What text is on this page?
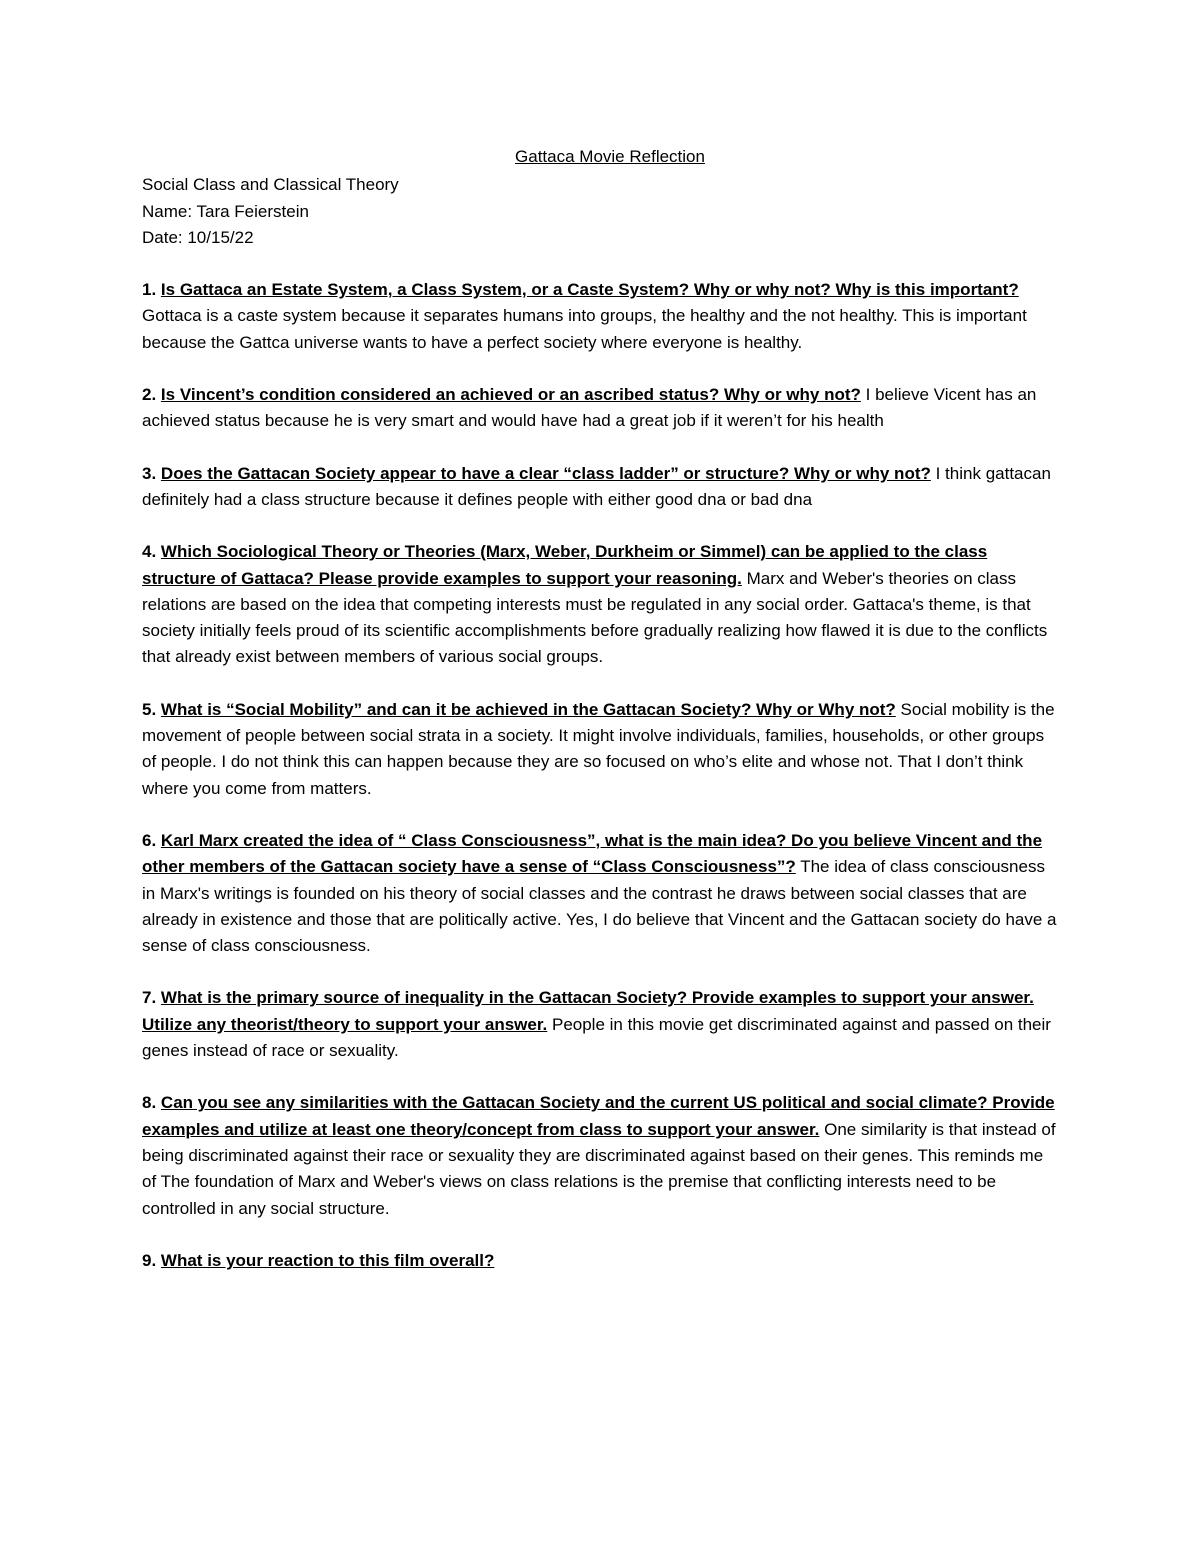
Gattaca Movie Reflection

Social Class and Classical Theory

Name: Tara Feierstein

Date: 10/15/22

1. Is Gattaca an Estate System, a Class System, or a Caste System? Why or why not? Why is this important? Gottaca is a caste system because it separates humans into groups, the healthy and the not healthy. This is important because the Gattca universe wants to have a perfect society where everyone is healthy.
2. Is Vincent’s condition considered an achieved or an ascribed status? Why or why not? I believe Vicent has an achieved status because he is very smart and would have had a great job if it weren’t for his health
3. Does the Gattacan Society appear to have a clear “class ladder” or structure? Why or why not? I think gattacan definitely had a class structure because it defines people with either good dna or bad dna
4. Which Sociological Theory or Theories (Marx, Weber, Durkheim or Simmel) can be applied to the class structure of Gattaca? Please provide examples to support your reasoning. Marx and Weber's theories on class relations are based on the idea that competing interests must be regulated in any social order. Gattaca's theme, is that society initially feels proud of its scientific accomplishments before gradually realizing how flawed it is due to the conflicts that already exist between members of various social groups.
5. What is “Social Mobility” and can it be achieved in the Gattacan Society? Why or Why not? Social mobility is the movement of people between social strata in a society. It might involve individuals, families, households, or other groups of people. I do not think this can happen because they are so focused on who’s elite and whose not. That I don’t think where you come from matters.
6. Karl Marx created the idea of “ Class Consciousness”, what is the main idea? Do you believe Vincent and the other members of the Gattacan society have a sense of “Class Consciousness”? The idea of class consciousness in Marx's writings is founded on his theory of social classes and the contrast he draws between social classes that are already in existence and those that are politically active. Yes, I do believe that Vincent and the Gattacan society do have a sense of class consciousness.
7. What is the primary source of inequality in the Gattacan Society? Provide examples to support your answer. Utilize any theorist/theory to support your answer. People in this movie get discriminated against and passed on their genes instead of race or sexuality.
8. Can you see any similarities with the Gattacan Society and the current US political and social climate? Provide examples and utilize at least one theory/concept from class to support your answer. One similarity is that instead of being discriminated against their race or sexuality they are discriminated against based on their genes. This reminds me of The foundation of Marx and Weber's views on class relations is the premise that conflicting interests need to be controlled in any social structure.
9. What is your reaction to this film overall?
